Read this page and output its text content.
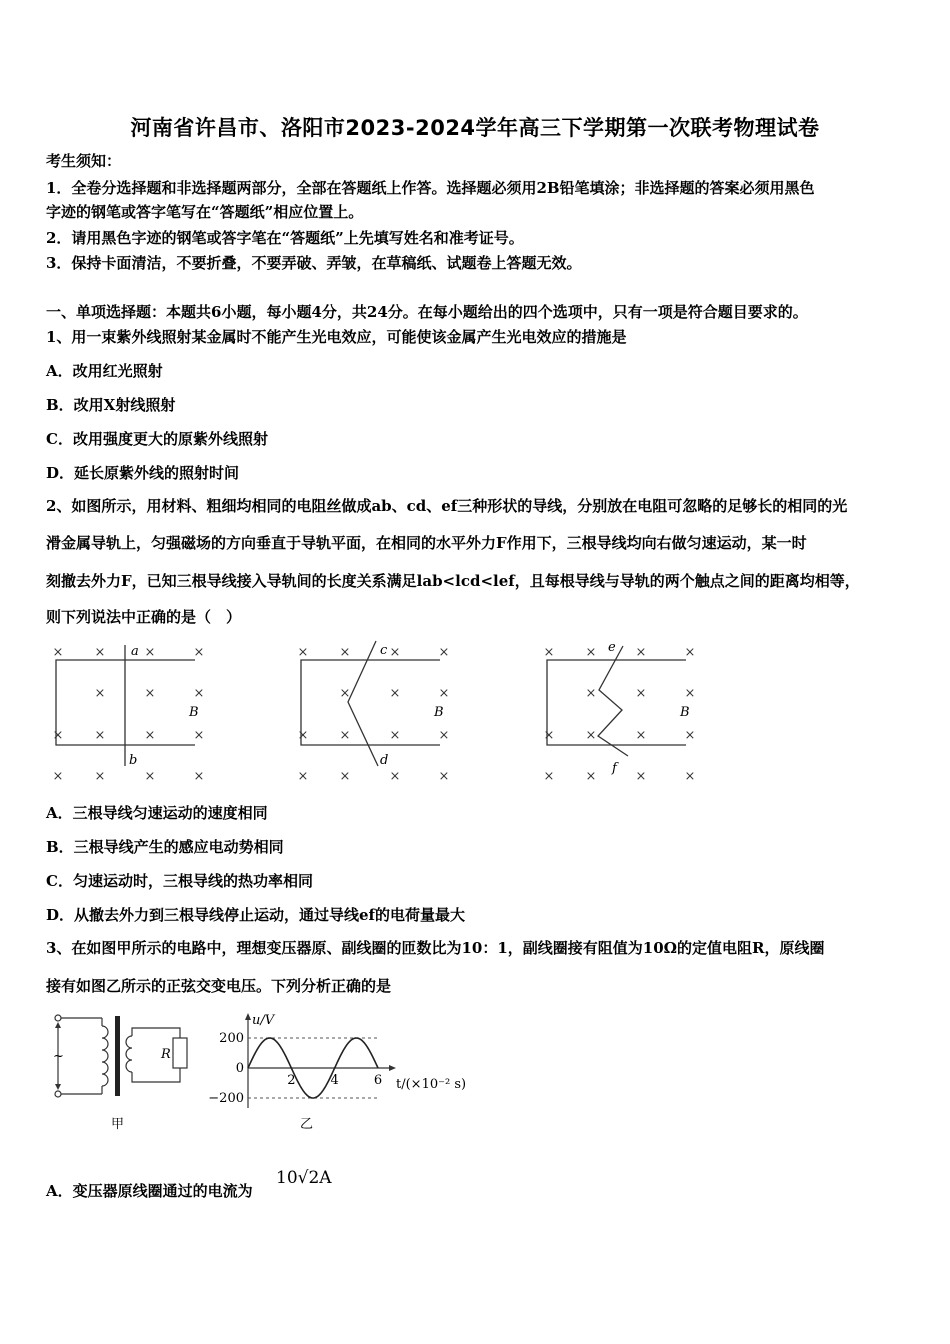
河南省许昌市、洛阳市2023-2024学年高三下学期第一次联考物理试卷
考生须知：
1．全卷分选择题和非选择题两部分，全部在答题纸上作答。选择题必须用2B铅笔填涂；非选择题的答案必须用黑色
字迹的钢笔或答字笔写在“答题纸”相应位置上。
2．请用黑色字迹的钢笔或答字笔在“答题纸”上先填写姓名和准考证号。
3．保持卡面清洁，不要折叠，不要弄破、弄皱，在草稿纸、试题卷上答题无效。
一、单项选择题：本题共6小题，每小题4分，共24分。在每小题给出的四个选项中，只有一项是符合题目要求的。
1、用一束紫外线照射某金属时不能产生光电效应，可能使该金属产生光电效应的措施是
A．改用红光照射
B．改用X射线照射
C．改用强度更大的原紫外线照射
D．延长原紫外线的照射时间
2、如图所示，用材料、粗细均相同的电阻丝做成ab、cd、ef三种形状的导线，分别放在电阻可忽略的足够长的相同的光
滑金属导轨上，匀强磁场的方向垂直于导轨平面，在相同的水平外力F作用下，三根导线均向右做匀速运动，某一时
刻撤去外力F，已知三根导线接入导轨间的长度关系满足lab<lcd<lef，且每根导线与导轨的两个触点之间的距离均相等，
则下列说法中正确的是（　）
× ×	×	×
×	×	×
× ×	×	×
× ×	×	×
a
b
B
× ×	×	×
×	×	×
× ×	×	×
× ×	×	×
c
d
B
× ×	×	×
×	×	×
× ×	×	×
× ×	×	×
e
f
B
A．三根导线匀速运动的速度相同
B．三根导线产生的感应电动势相同
C．匀速运动时，三根导线的热功率相同
D．从撤去外力到三根导线停止运动，通过导线ef的电荷量最大
3、在如图甲所示的电路中，理想变压器原、副线圈的匝数比为10：1，副线圈接有阻值为10Ω的定值电阻R，原线圈
接有如图乙所示的正弦交变电压。下列分析正确的是
~	R
甲
200
0
−200
2	4	6
u/V
t/(×10⁻² s)
乙
A．变压器原线圈通过的电流为
10√2A
